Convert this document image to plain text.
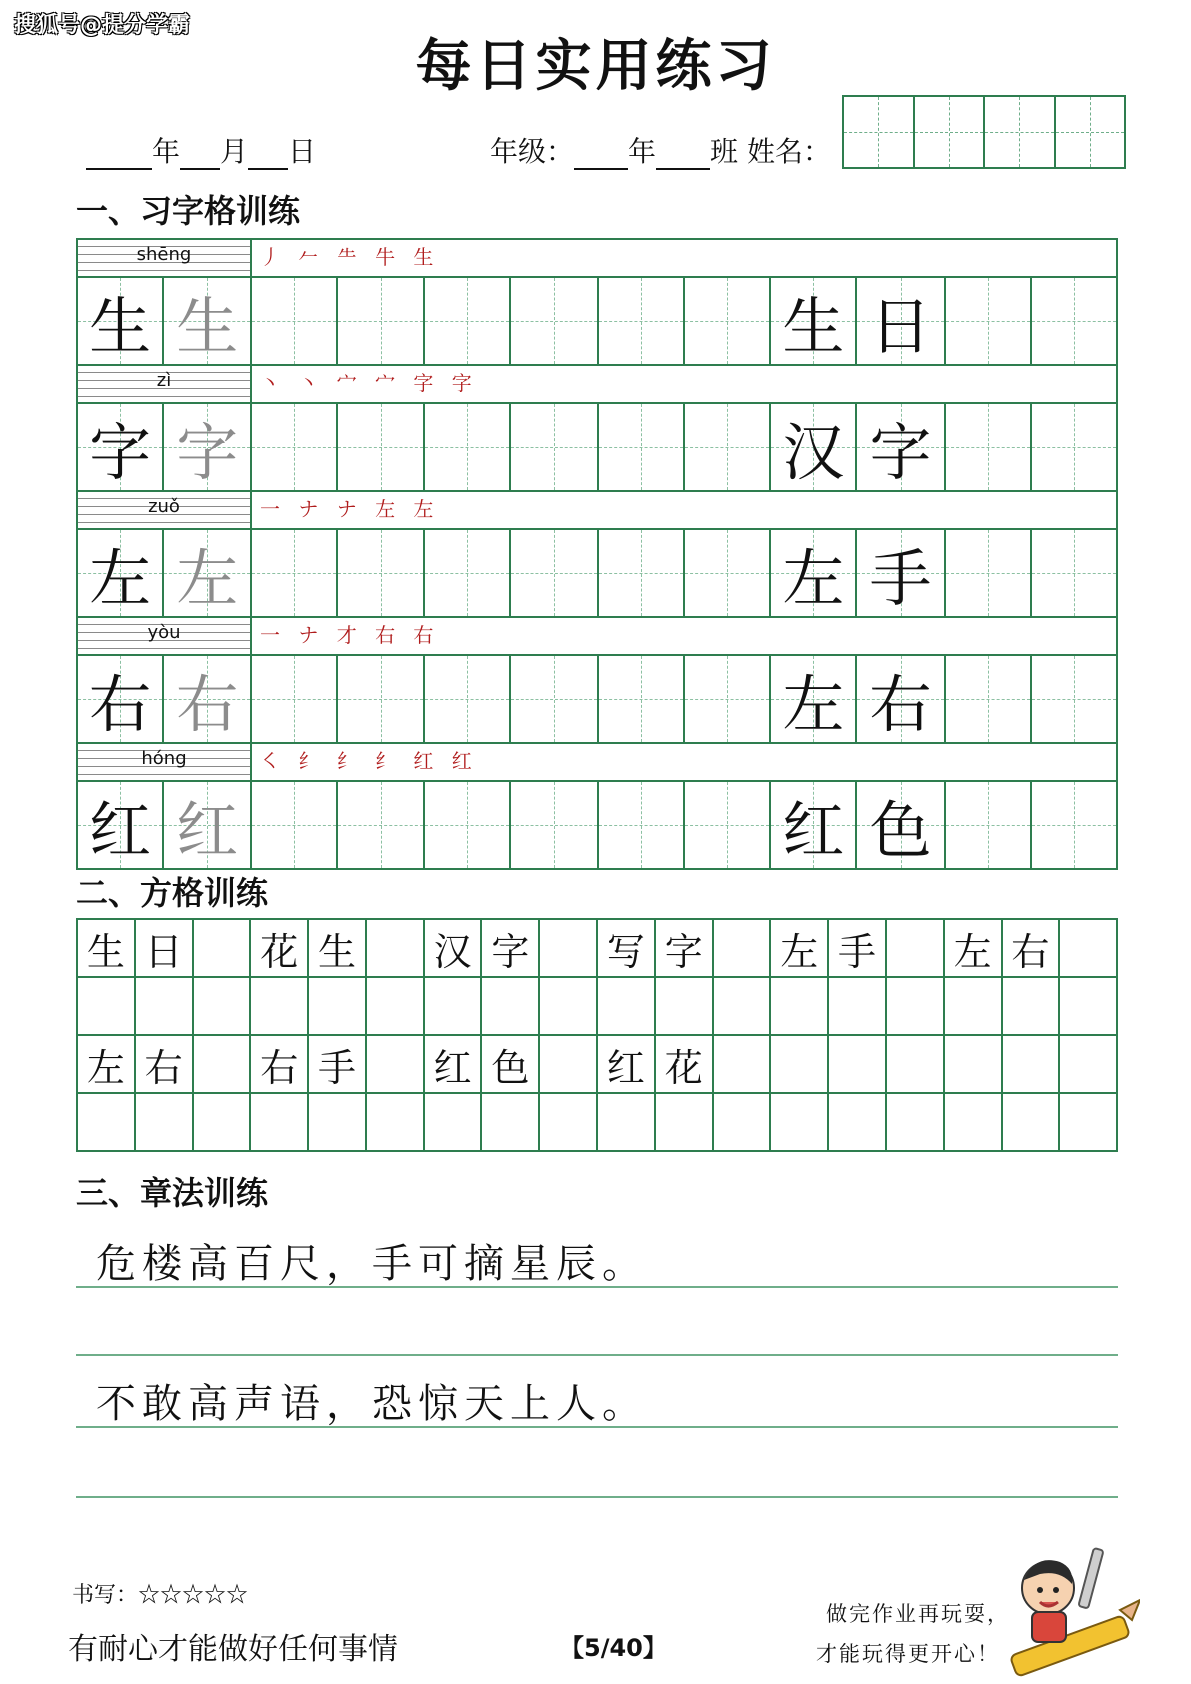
搜狐号@提分学霸
每日实用练习
年 月 日	年级： 年 班 姓名：
一、习字格训练
shēng	丿 𠂉 ⺧ 牛 生
生 生	生 日
zì	丶 丶 宀 宀 字 字
字 字	汉 字
zuǒ	一 ナ ナ 左 左
左 左	左 手
yòu	一 ナ 才 右 右
右 右	左 右
hóng	㇛ 纟 纟 纟 红 红
红 红	红 色
二、方格训练
生 日 花 生 汉 字 写 字 左 手 左 右
左 右 右 手 红 色 红 花
三、章法训练
危楼高百尺，手可摘星辰。
不敢高声语，恐惊天上人。
书写：☆☆☆☆☆
有耐心才能做好任何事情	【5/40】
做完作业再玩耍，
才能玩得更开心！
